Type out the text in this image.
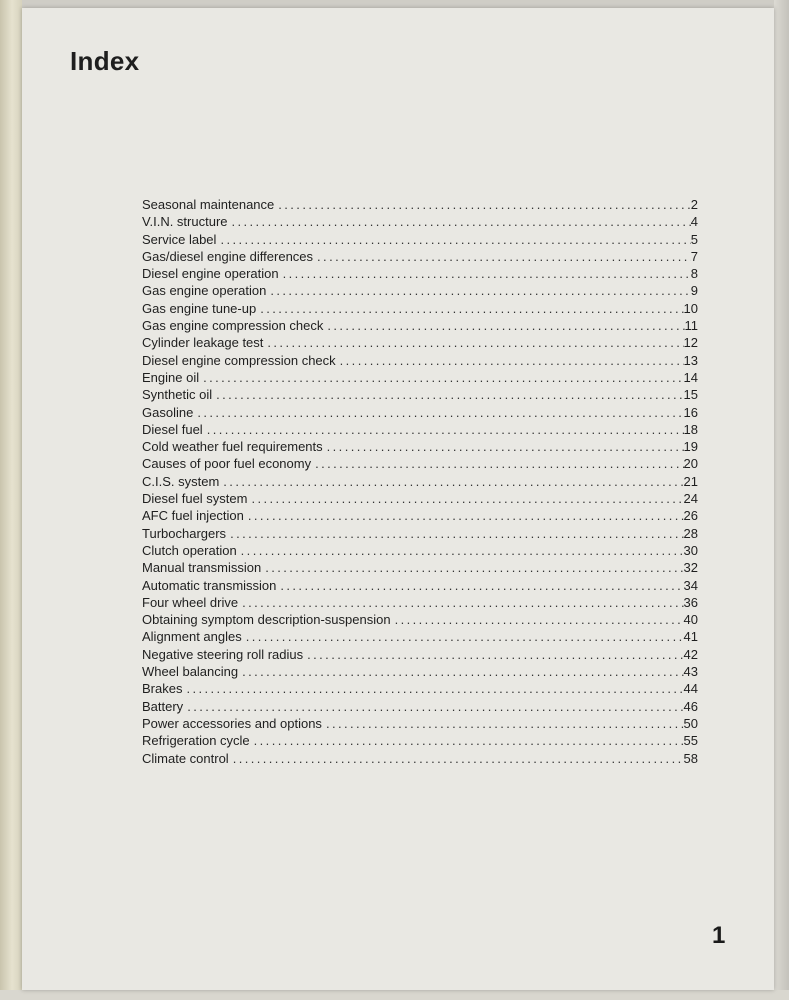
Index
Seasonal maintenance .....	2
V.I.N. structure .....	4
Service label .....	5
Gas/diesel engine differences .....	7
Diesel engine operation .....	8
Gas engine operation .....	9
Gas engine tune-up .....	10
Gas engine compression check .....	11
Cylinder leakage test .....	12
Diesel engine compression check .....	13
Engine oil .....	14
Synthetic oil .....	15
Gasoline .....	16
Diesel fuel .....	18
Cold weather fuel requirements .....	19
Causes of poor fuel economy .....	20
C.I.S. system .....	21
Diesel fuel system .....	24
AFC fuel injection .....	26
Turbochargers .....	28
Clutch operation .....	30
Manual transmission .....	32
Automatic transmission .....	34
Four wheel drive .....	36
Obtaining symptom description-suspension .....	40
Alignment angles .....	41
Negative steering roll radius .....	42
Wheel balancing .....	43
Brakes .....	44
Battery .....	46
Power accessories and options .....	50
Refrigeration cycle .....	55
Climate control .....	58
1
